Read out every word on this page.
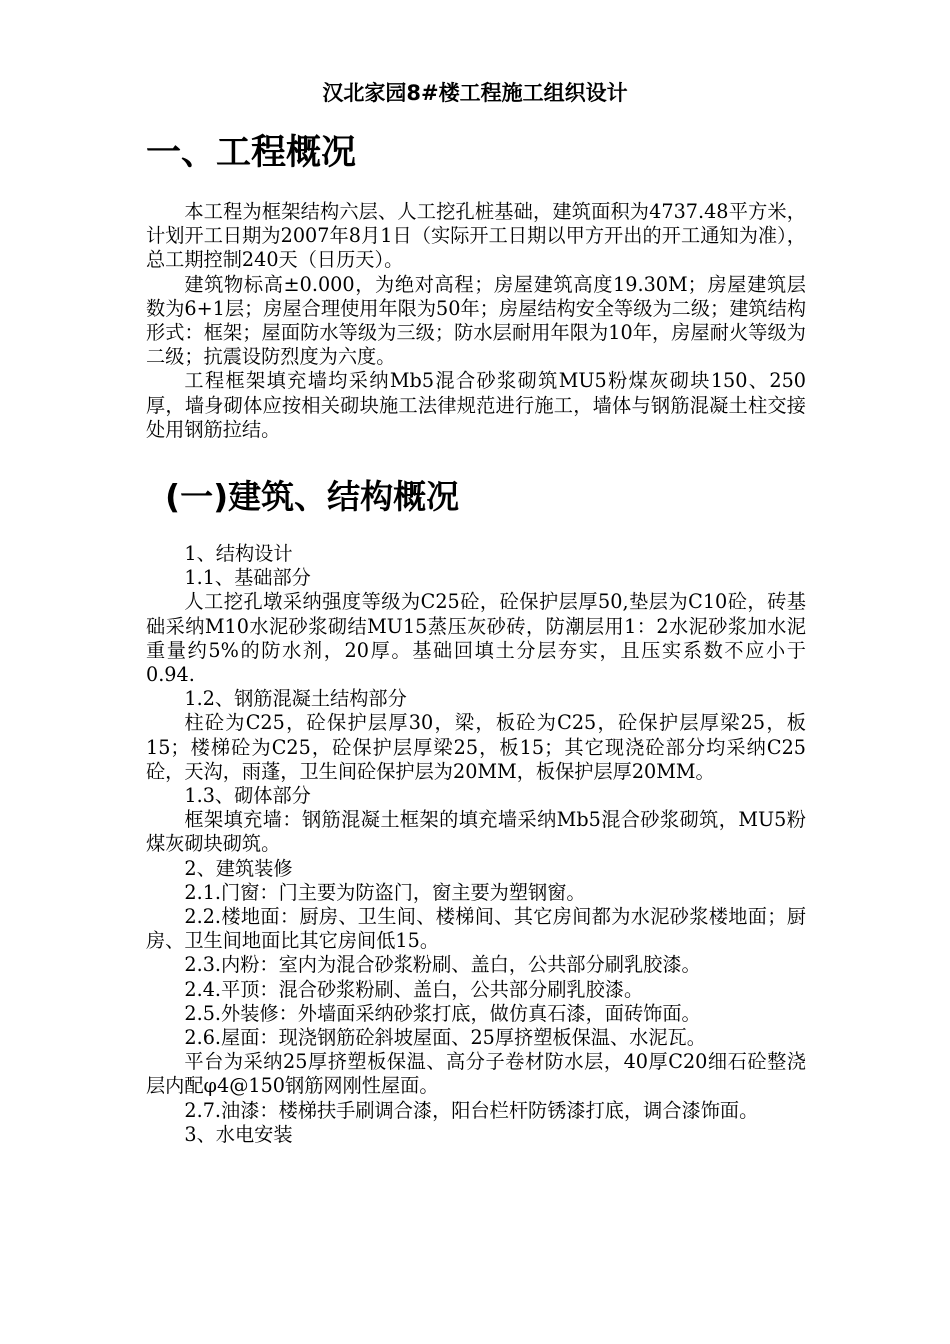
汉北家园8#楼工程施工组织设计
一、工程概况

本工程为框架结构六层、人工挖孔桩基础，建筑面积为4737.48平方米，计划开工日期为2007年8月1日（实际开工日期以甲方开出的开工通知为准），总工期控制240天（日历天）。

建筑物标高±0.000，为绝对高程；房屋建筑高度19.30M；房屋建筑层数为6+1层；房屋合理使用年限为50年；房屋结构安全等级为二级；建筑结构形式：框架；屋面防水等级为三级；防水层耐用年限为10年，房屋耐火等级为二级；抗震设防烈度为六度。

工程框架填充墙均采纳Mb5混合砂浆砌筑MU5粉煤灰砌块150、250厚，墙身砌体应按相关砌块施工法律规范进行施工，墙体与钢筋混凝土柱交接处用钢筋拉结。

(一)建筑、结构概况

1、结构设计

1.1、基础部分

人工挖孔墩采纳强度等级为C25砼，砼保护层厚50,垫层为C10砼，砖基础采纳M10水泥砂浆砌结MU15蒸压灰砂砖，防潮层用1：2水泥砂浆加水泥重量约5%的防水剂，20厚。基础回填土分层夯实，且压实系数不应小于0.94.

1.2、钢筋混凝土结构部分

柱砼为C25，砼保护层厚30，梁，板砼为C25，砼保护层厚梁25，板15；楼梯砼为C25，砼保护层厚梁25，板15；其它现浇砼部分均采纳C25砼，天沟，雨蓬，卫生间砼保护层为20MM，板保护层厚20MM。

1.3、砌体部分

框架填充墙：钢筋混凝土框架的填充墙采纳Mb5混合砂浆砌筑，MU5粉煤灰砌块砌筑。

2、建筑装修

2.1.门窗：门主要为防盗门，窗主要为塑钢窗。

2.2.楼地面：厨房、卫生间、楼梯间、其它房间都为水泥砂浆楼地面；厨房、卫生间地面比其它房间低15。

2.3.内粉：室内为混合砂浆粉刷、盖白，公共部分刷乳胶漆。

2.4.平顶：混合砂浆粉刷、盖白，公共部分刷乳胶漆。

2.5.外装修：外墙面采纳砂浆打底，做仿真石漆，面砖饰面。

2.6.屋面：现浇钢筋砼斜坡屋面、25厚挤塑板保温、水泥瓦。

平台为采纳25厚挤塑板保温、高分子卷材防水层，40厚C20细石砼整浇层内配φ4@150钢筋网刚性屋面。

2.7.油漆：楼梯扶手刷调合漆，阳台栏杆防锈漆打底，调合漆饰面。

3、水电安装
